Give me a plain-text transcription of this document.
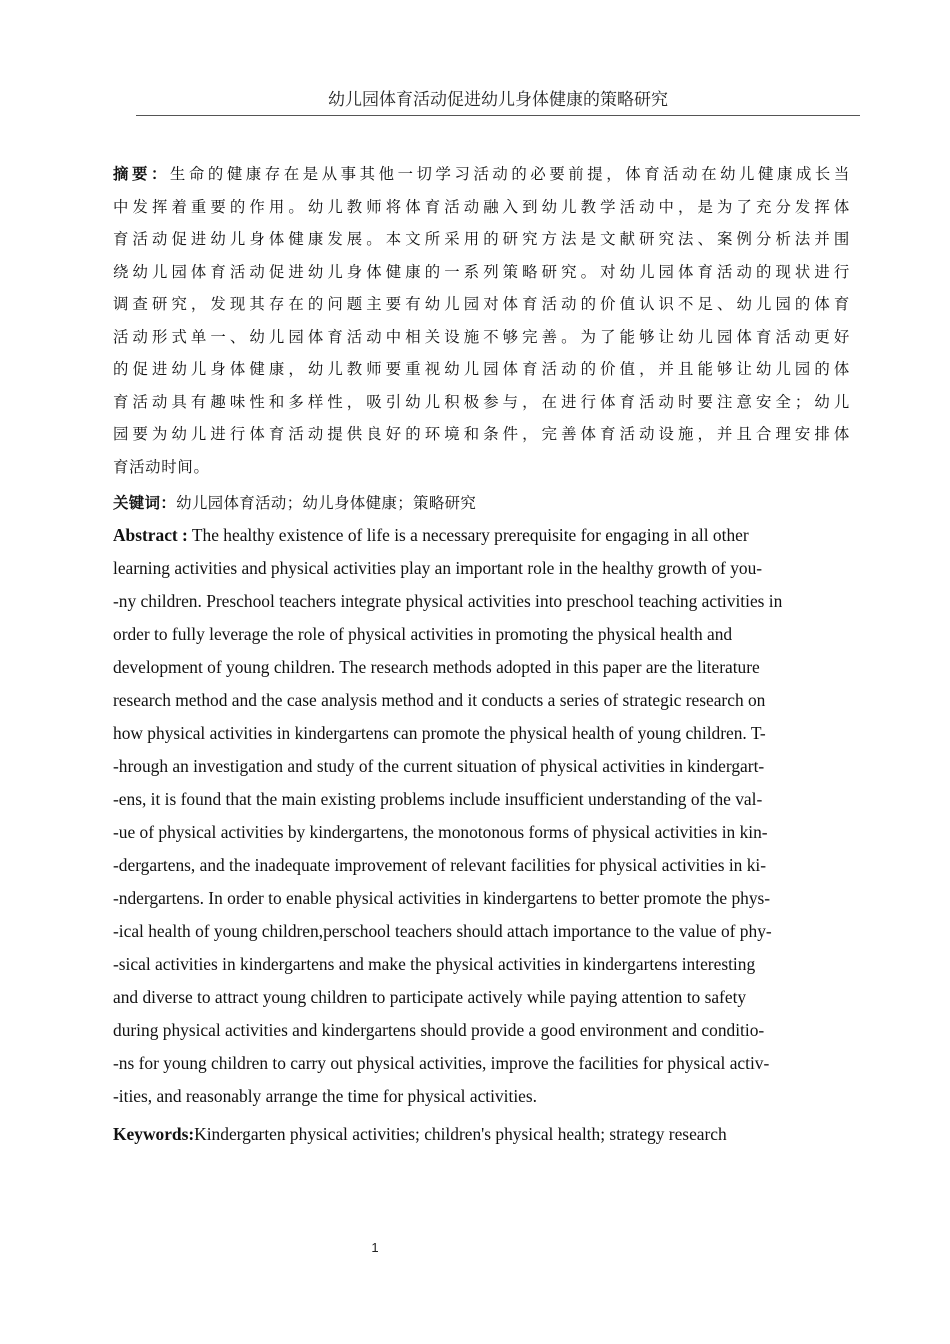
幼儿园体育活动促进幼儿身体健康的策略研究
摘要：生命的健康存在是从事其他一切学习活动的必要前提，体育活动在幼儿健康成长当
中发挥着重要的作用。幼儿教师将体育活动融入到幼儿教学活动中，是为了充分发挥体
育活动促进幼儿身体健康发展。本文所采用的研究方法是文献研究法、案例分析法并围
绕幼儿园体育活动促进幼儿身体健康的一系列策略研究。对幼儿园体育活动的现状进行
调查研究，发现其存在的问题主要有幼儿园对体育活动的价值认识不足、幼儿园的体育
活动形式单一、幼儿园体育活动中相关设施不够完善。为了能够让幼儿园体育活动更好
的促进幼儿身体健康，幼儿教师要重视幼儿园体育活动的价值，并且能够让幼儿园的体
育活动具有趣味性和多样性，吸引幼儿积极参与，在进行体育活动时要注意安全；幼儿
园要为幼儿进行体育活动提供良好的环境和条件，完善体育活动设施，并且合理安排体
育活动时间。
关键词：幼儿园体育活动；幼儿身体健康；策略研究
Abstract : The healthy existence of life is a necessary prerequisite for engaging in all other
learning activities and physical activities play an important role in the healthy growth of you-
-ny children. Preschool teachers integrate physical activities into preschool teaching activities in
order to fully leverage the role of physical activities in promoting the physical health and
development of young children. The research methods adopted in this paper are the literature
research method and the case analysis method and it conducts a series of strategic research on
how physical activities in kindergartens can promote the physical health of young children. T-
-hrough an investigation and study of the current situation of physical activities in kindergart-
-ens, it is found that the main existing problems include insufficient understanding of the val-
-ue of physical activities by kindergartens, the monotonous forms of physical activities in kin-
-dergartens, and the inadequate improvement of relevant facilities for physical activities in ki-
-ndergartens. In order to enable physical activities in kindergartens to better promote the phys-
-ical health of young children,perschool teachers should attach importance to the value of phy-
-sical activities in kindergartens and make the physical activities in kindergartens interesting
and diverse to attract young children to participate actively while paying attention to safety
during physical activities and kindergartens should provide a good environment and conditio-
-ns for young children to carry out physical activities, improve the facilities for physical activ-
-ities, and reasonably arrange the time for physical activities.
Keywords:Kindergarten physical activities; children's physical health; strategy research
1
